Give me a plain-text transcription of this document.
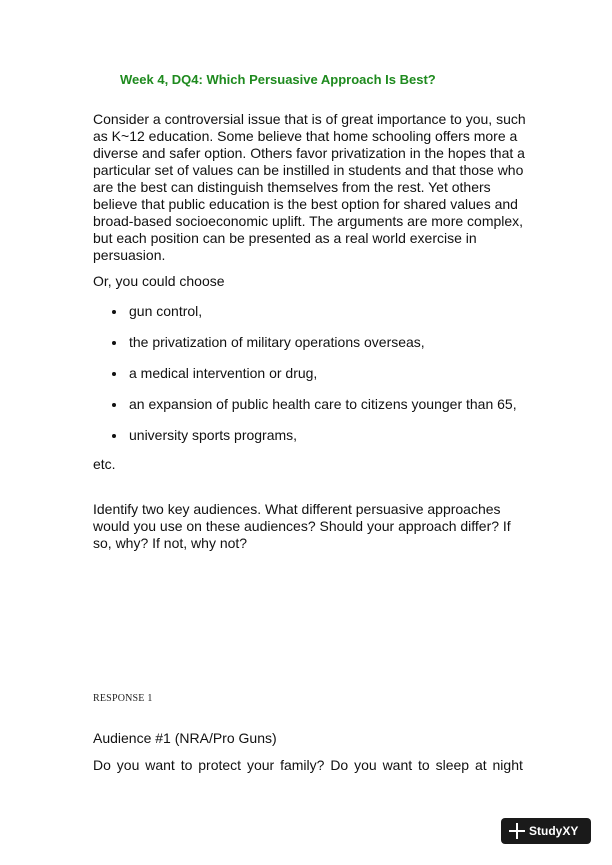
Week 4, DQ4: Which Persuasive Approach Is Best?
Consider a controversial issue that is of great importance to you, such as K~12 education. Some believe that home schooling offers more a diverse and safer option. Others favor privatization in the hopes that a particular set of values can be instilled in students and that those who are the best can distinguish themselves from the rest. Yet others believe that public education is the best option for shared values and broad-based socioeconomic uplift. The arguments are more complex, but each position can be presented as a real world exercise in persuasion.
Or, you could choose
gun control,
the privatization of military operations overseas,
a medical intervention or drug,
an expansion of public health care to citizens younger than 65,
university sports programs,
etc.
Identify two key audiences. What different persuasive approaches would you use on these audiences? Should your approach differ? If so, why? If not, why not?
RESPONSE 1
Audience #1 (NRA/Pro Guns)
Do you want to protect your family? Do you want to sleep at night
Study XY
